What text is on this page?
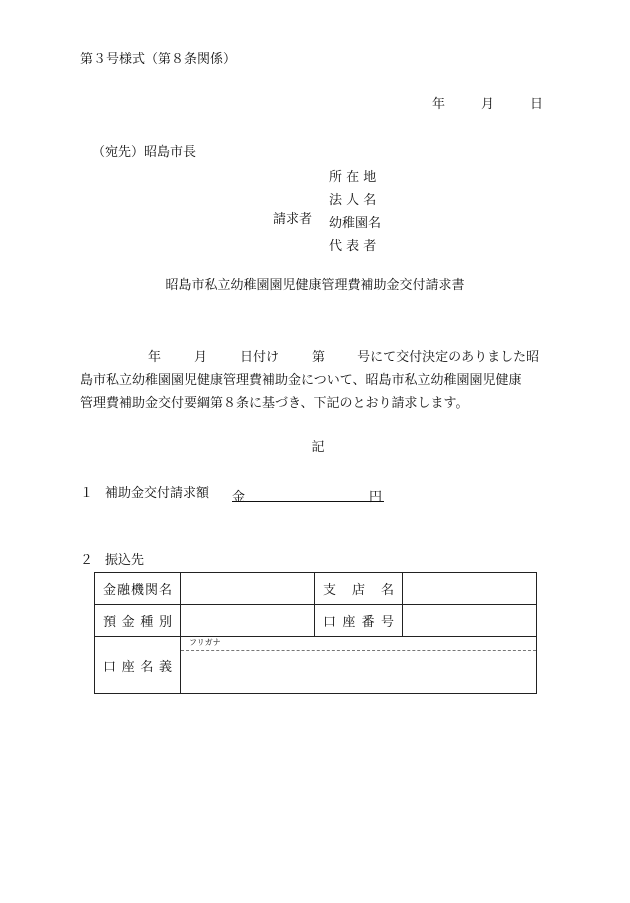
第３号様式（第８条関係）
年	月	日
（宛先）昭島市長
所 在 地
法 人 名
幼稚園名
代 表 者
請求者
昭島市私立幼稚園園児健康管理費補助金交付請求書
年	月	日付け	第 号にて交付決定のありました昭
島市私立幼稚園園児健康管理費補助金について、昭島市私立幼稚園園児健康
管理費補助金交付要綱第８条に基づき、下記のとおり請求します。
記
１ 補助金交付請求額 金	円
２ 振込先
金融機関名		支 店 名	

預 金 種 別		口 座 番 号	

口 座 名 義	フリガナ		
